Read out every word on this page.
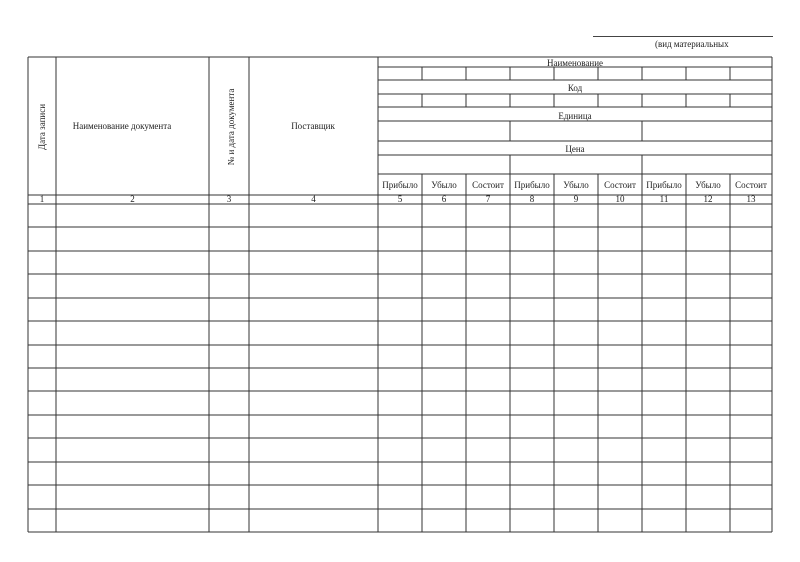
(вид материальных
Дата записи	Наименование документа	№ и дата документа	Поставщик
Наименование
Код
Единица
Цена
Прибыло Убыло Состоит Прибыло Убыло Состоит Прибыло Убыло Состоит
1	2	3	4	5	6	7	8	9	10	11	12	13
